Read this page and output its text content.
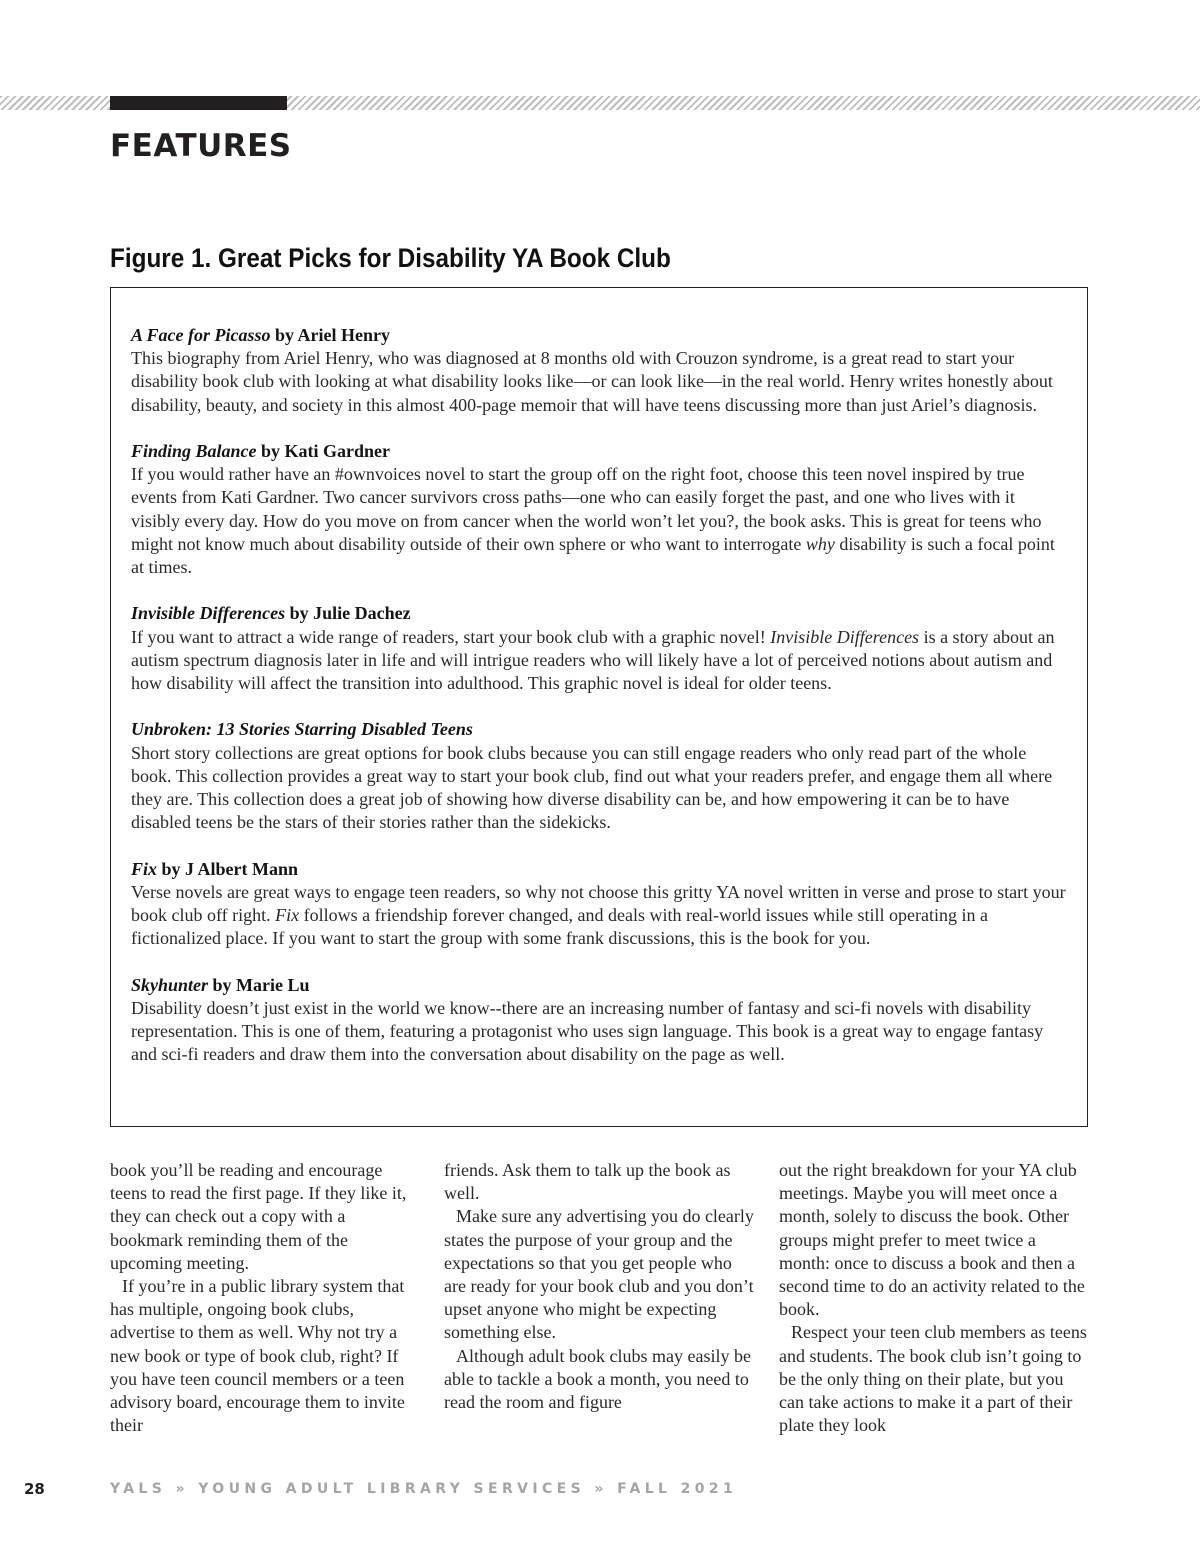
FEATURES
Figure 1. Great Picks for Disability YA Book Club
A Face for Picasso by Ariel Henry

This biography from Ariel Henry, who was diagnosed at 8 months old with Crouzon syndrome, is a great read to start your disability book club with looking at what disability looks like—or can look like—in the real world. Henry writes honestly about disability, beauty, and society in this almost 400-page memoir that will have teens discussing more than just Ariel’s diagnosis.

Finding Balance by Kati Gardner

If you would rather have an #ownvoices novel to start the group off on the right foot, choose this teen novel inspired by true events from Kati Gardner. Two cancer survivors cross paths—one who can easily forget the past, and one who lives with it visibly every day. How do you move on from cancer when the world won’t let you?, the book asks. This is great for teens who might not know much about disability outside of their own sphere or who want to interrogate why disability is such a focal point at times.

Invisible Differences by Julie Dachez

If you want to attract a wide range of readers, start your book club with a graphic novel! Invisible Differences is a story about an autism spectrum diagnosis later in life and will intrigue readers who will likely have a lot of perceived notions about autism and how disability will affect the transition into adulthood. This graphic novel is ideal for older teens.

Unbroken: 13 Stories Starring Disabled Teens

Short story collections are great options for book clubs because you can still engage readers who only read part of the whole book. This collection provides a great way to start your book club, find out what your readers prefer, and engage them all where they are. This collection does a great job of showing how diverse disability can be, and how empowering it can be to have disabled teens be the stars of their stories rather than the sidekicks.

Fix by J Albert Mann

Verse novels are great ways to engage teen readers, so why not choose this gritty YA novel written in verse and prose to start your book club off right. Fix follows a friendship forever changed, and deals with real-world issues while still operating in a fictionalized place. If you want to start the group with some frank discussions, this is the book for you.

Skyhunter by Marie Lu

Disability doesn’t just exist in the world we know--there are an increasing number of fantasy and sci-fi novels with disability representation. This is one of them, featuring a protagonist who uses sign language. This book is a great way to engage fantasy and sci-fi readers and draw them into the conversation about disability on the page as well.

book you’ll be reading and encourage teens to read the first page. If they like it, they can check out a copy with a bookmark reminding them of the upcoming meeting.

If you’re in a public library system that has multiple, ongoing book clubs, advertise to them as well. Why not try a new book or type of book club, right? If you have teen council members or a teen advisory board, encourage them to invite their

friends. Ask them to talk up the book as well.

Make sure any advertising you do clearly states the purpose of your group and the expectations so that you get people who are ready for your book club and you don’t upset anyone who might be expecting something else.

Although adult book clubs may easily be able to tackle a book a month, you need to read the room and figure

out the right breakdown for your YA club meetings. Maybe you will meet once a month, solely to discuss the book. Other groups might prefer to meet twice a month: once to discuss a book and then a second time to do an activity related to the book.

Respect your teen club members as teens and students. The book club isn’t going to be the only thing on their plate, but you can take actions to make it a part of their plate they look

28	YALS » YOUNG ADULT LIBRARY SERVICES » FALL 2021
